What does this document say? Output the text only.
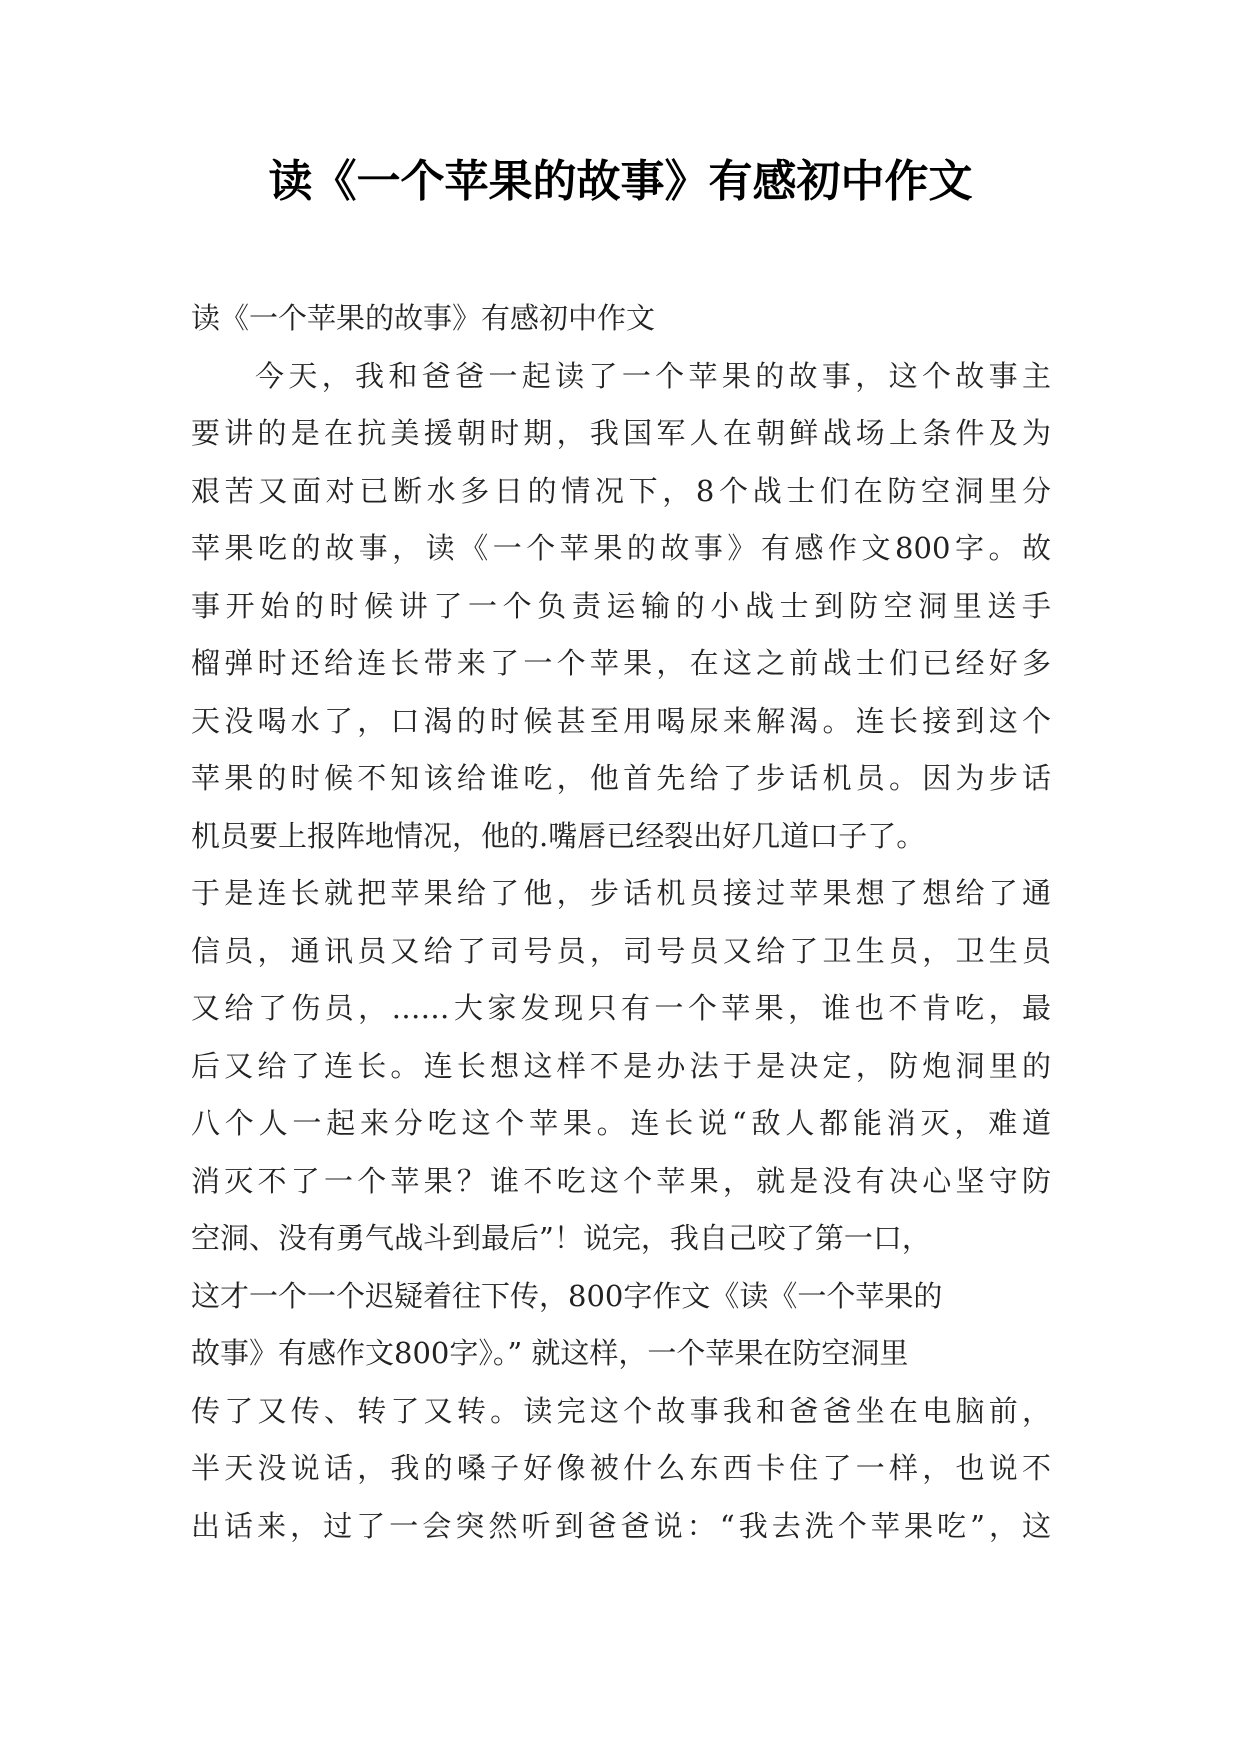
读《一个苹果的故事》有感初中作文
读《一个苹果的故事》有感初中作文
今天，我和爸爸一起读了一个苹果的故事，这个故事主
要讲的是在抗美援朝时期，我国军人在朝鲜战场上条件及为
艰苦又面对已断水多日的情况下，8个战士们在防空洞里分
苹果吃的故事，读《一个苹果的故事》有感作文800字。故
事开始的时候讲了一个负责运输的小战士到防空洞里送手
榴弹时还给连长带来了一个苹果，在这之前战士们已经好多
天没喝水了，口渴的时候甚至用喝尿来解渴。连长接到这个
苹果的时候不知该给谁吃，他首先给了步话机员。因为步话
机员要上报阵地情况，他的.嘴唇已经裂出好几道口子了。
于是连长就把苹果给了他，步话机员接过苹果想了想给了通
信员，通讯员又给了司号员，司号员又给了卫生员，卫生员
又给了伤员，……大家发现只有一个苹果，谁也不肯吃，最
后又给了连长。连长想这样不是办法于是决定，防炮洞里的
八个人一起来分吃这个苹果。连长说“敌人都能消灭，难道
消灭不了一个苹果？谁不吃这个苹果，就是没有决心坚守防
空洞、没有勇气战斗到最后”！说完，我自己咬了第一口，
这才一个一个迟疑着往下传，800字作文《读《一个苹果的
故事》有感作文800字》。” 就这样，一个苹果在防空洞里
传了又传、转了又转。读完这个故事我和爸爸坐在电脑前，
半天没说话，我的嗓子好像被什么东西卡住了一样，也说不
出话来，过了一会突然听到爸爸说：“我去洗个苹果吃”，这
